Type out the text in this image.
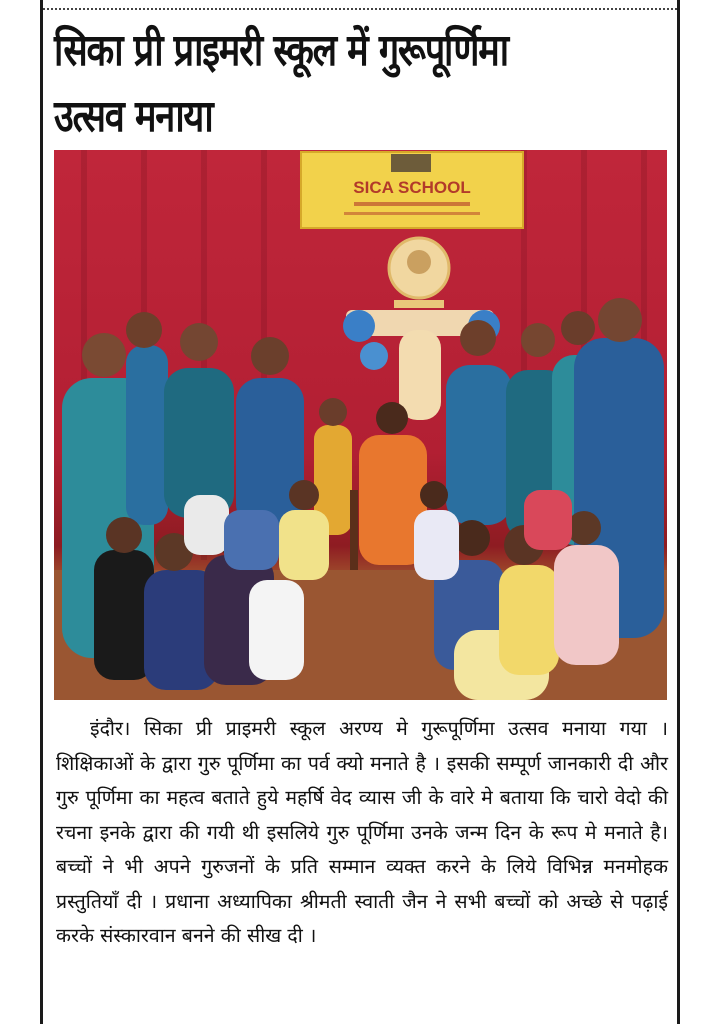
सिका प्री प्राइमरी स्कूल में गुरूपूर्णिमा
उत्सव मनाया
SICA SCHOOL
इंदौर। सिका प्री प्राइमरी स्कूल अरण्य मे गुरूपूर्णिमा उत्सव मनाया गया । शिक्षिकाओं के द्वारा गुरु पूर्णिमा का पर्व क्यो मनाते है । इसकी सम्पूर्ण जानकारी दी और गुरु पूर्णिमा का महत्व बताते हुये महर्षि वेद व्यास जी के वारे मे बताया कि चारो वेदो की रचना इनके द्वारा की गयी थी इसलिये गुरु पूर्णिमा उनके जन्म दिन के रूप मे मनाते है। बच्चों ने भी अपने गुरुजनों के प्रति सम्मान व्यक्त करने के लिये विभिन्न मनमोहक प्रस्तुतियाँ दी । प्रधाना अध्यापिका श्रीमती स्वाती जैन ने सभी बच्चों को अच्छे से पढ़ाई करके संस्कारवान बनने की सीख दी ।
